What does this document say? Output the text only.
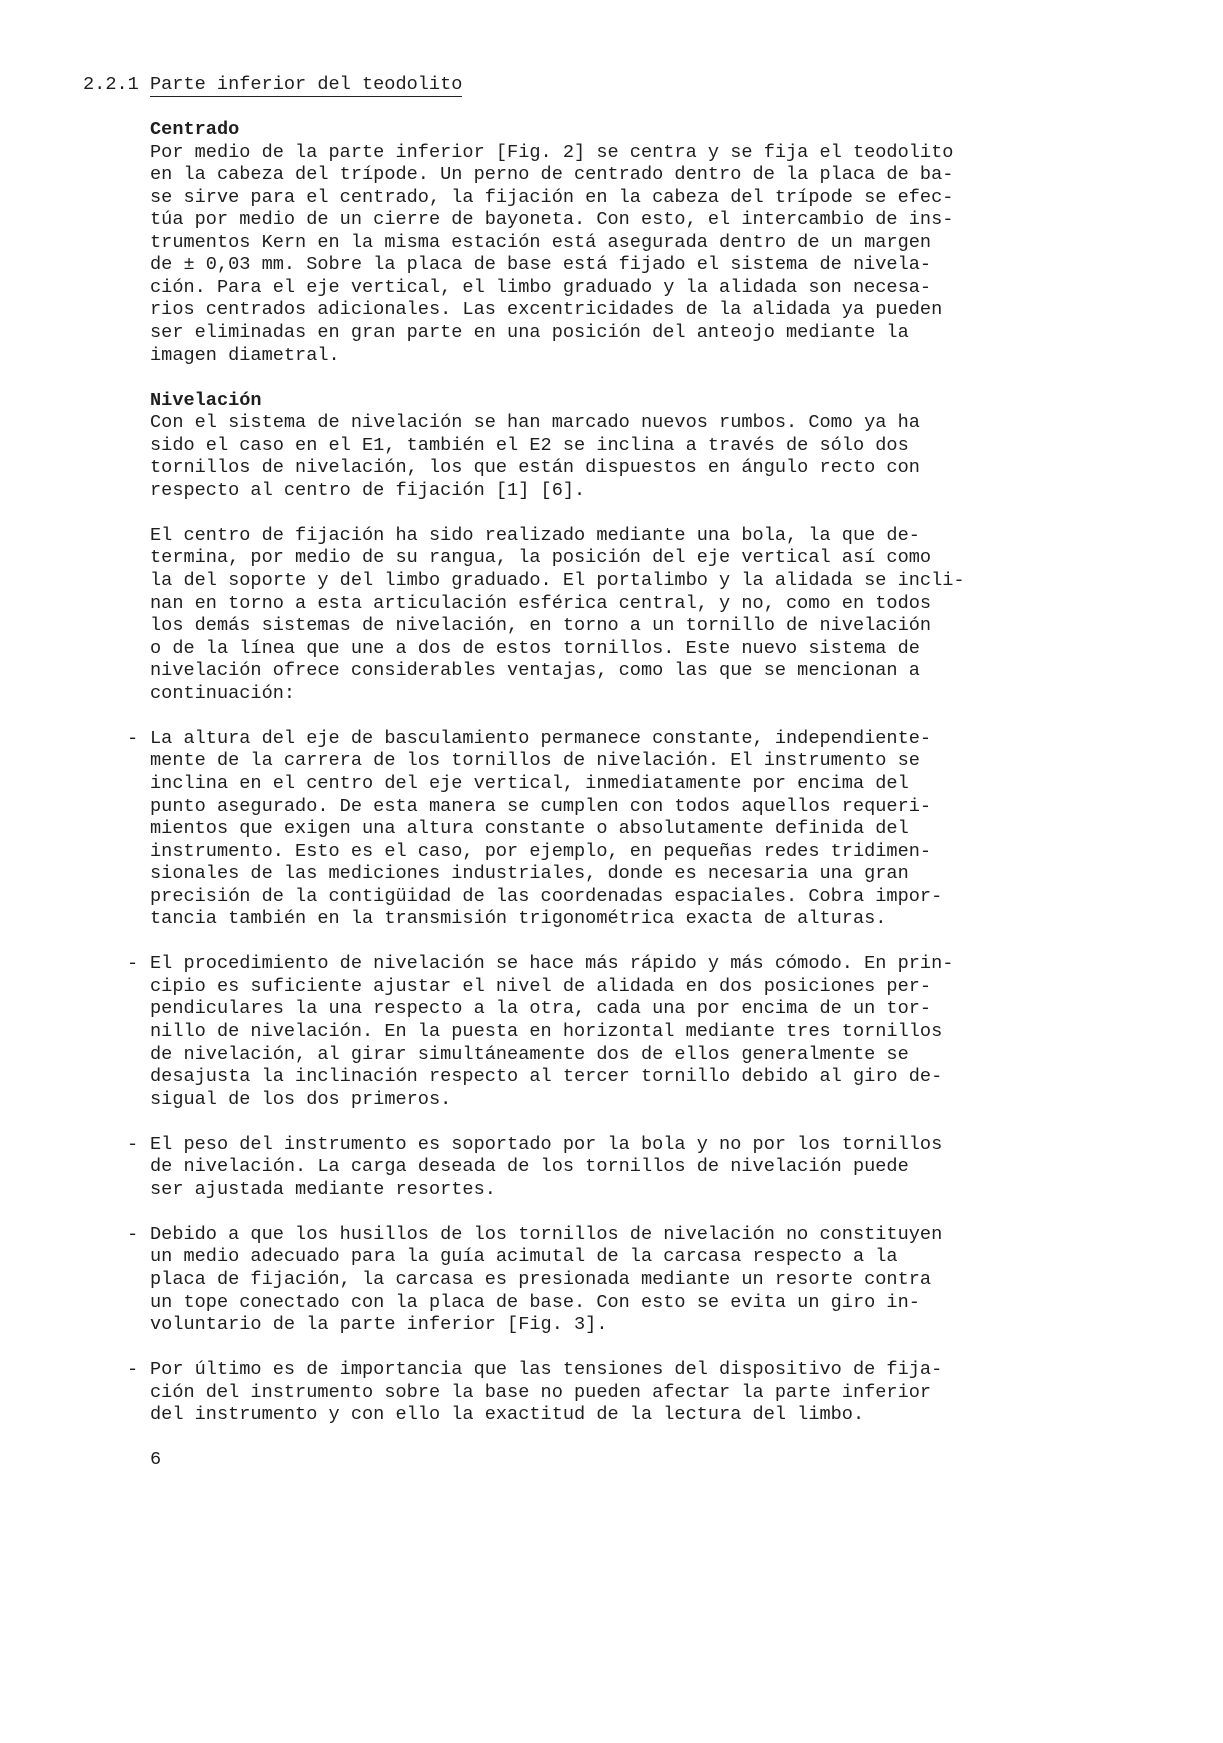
2.2.1 Parte inferior del teodolito
Centrado
Por medio de la parte inferior [Fig. 2] se centra y se fija el teodolito
en la cabeza del trípode. Un perno de centrado dentro de la placa de ba-
se sirve para el centrado, la fijación en la cabeza del trípode se efec-
túa por medio de un cierre de bayoneta. Con esto, el intercambio de ins-
trumentos Kern en la misma estación está asegurada dentro de un margen
de ± 0,03 mm. Sobre la placa de base está fijado el sistema de nivela-
ción. Para el eje vertical, el limbo graduado y la alidada son necesa-
rios centrados adicionales. Las excentricidades de la alidada ya pueden
ser eliminadas en gran parte en una posición del anteojo mediante la
imagen diametral.
Nivelación
Con el sistema de nivelación se han marcado nuevos rumbos. Como ya ha
sido el caso en el E1, también el E2 se inclina a través de sólo dos
tornillos de nivelación, los que están dispuestos en ángulo recto con
respecto al centro de fijación [1] [6].
El centro de fijación ha sido realizado mediante una bola, la que de-
termina, por medio de su rangua, la posición del eje vertical así como
la del soporte y del limbo graduado. El portalimbo y la alidada se incli-
nan en torno a esta articulación esférica central, y no, como en todos
los demás sistemas de nivelación, en torno a un tornillo de nivelación
o de la línea que une a dos de estos tornillos. Este nuevo sistema de
nivelación ofrece considerables ventajas, como las que se mencionan a
continuación:
- La altura del eje de basculamiento permanece constante, independiente-
mente de la carrera de los tornillos de nivelación. El instrumento se
inclina en el centro del eje vertical, inmediatamente por encima del
punto asegurado. De esta manera se cumplen con todos aquellos requeri-
mientos que exigen una altura constante o absolutamente definida del
instrumento. Esto es el caso, por ejemplo, en pequeñas redes tridimen-
sionales de las mediciones industriales, donde es necesaria una gran
precisión de la contigüidad de las coordenadas espaciales. Cobra impor-
tancia también en la transmisión trigonométrica exacta de alturas.
- El procedimiento de nivelación se hace más rápido y más cómodo. En prin-
cipio es suficiente ajustar el nivel de alidada en dos posiciones per-
pendiculares la una respecto a la otra, cada una por encima de un tor-
nillo de nivelación. En la puesta en horizontal mediante tres tornillos
de nivelación, al girar simultáneamente dos de ellos generalmente se
desajusta la inclinación respecto al tercer tornillo debido al giro de-
sigual de los dos primeros.
- El peso del instrumento es soportado por la bola y no por los tornillos
de nivelación. La carga deseada de los tornillos de nivelación puede
ser ajustada mediante resortes.
- Debido a que los husillos de los tornillos de nivelación no constituyen
un medio adecuado para la guía acimutal de la carcasa respecto a la
placa de fijación, la carcasa es presionada mediante un resorte contra
un tope conectado con la placa de base. Con esto se evita un giro in-
voluntario de la parte inferior [Fig. 3].
- Por último es de importancia que las tensiones del dispositivo de fija-
ción del instrumento sobre la base no pueden afectar la parte inferior
del instrumento y con ello la exactitud de la lectura del limbo.
6
